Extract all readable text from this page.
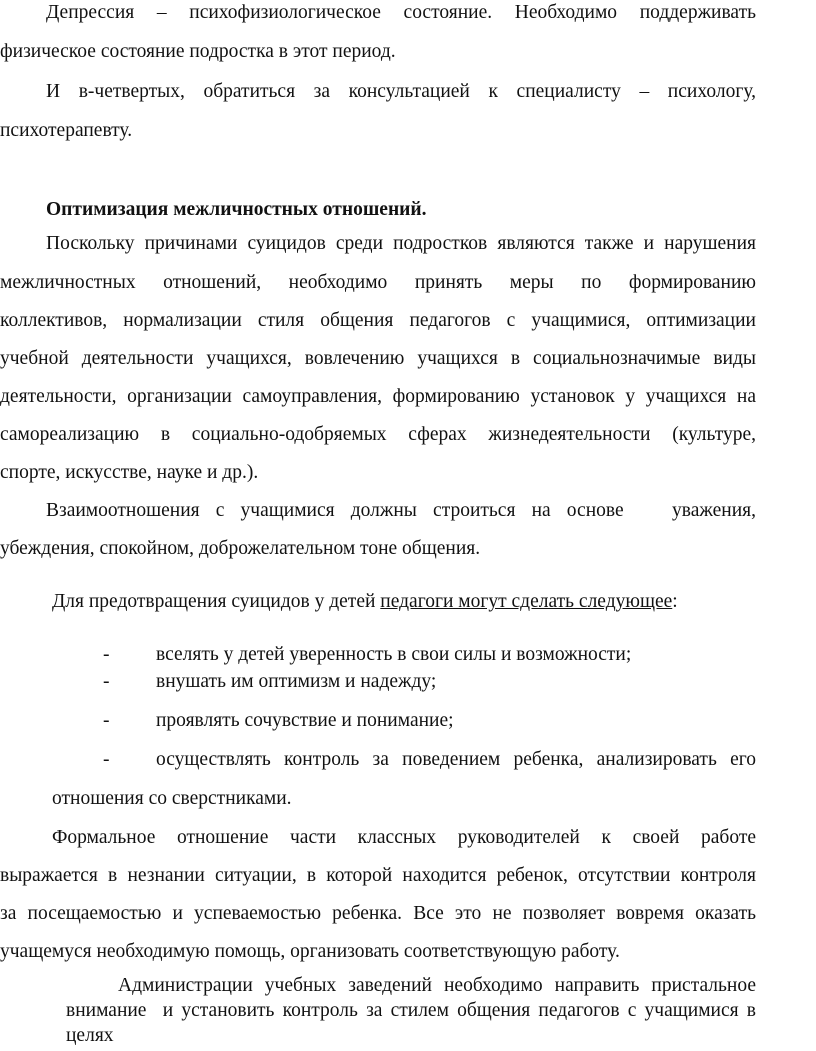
Депрессия – психофизиологическое состояние. Необходимо поддерживать
физическое состояние подростка в этот период.
И в-четвертых, обратиться за консультацией к специалисту – психологу,
психотерапевту.
Оптимизация межличностных отношений.
Поскольку причинами суицидов среди подростков являются также и нарушения
межличностных отношений, необходимо принять меры по формированию
коллективов, нормализации стиля общения педагогов с учащимися, оптимизации
учебной деятельности учащихся, вовлечению учащихся в социальнозначимые виды
деятельности, организации самоуправления, формированию установок у учащихся на
самореализацию в социально-одобряемых сферах жизнедеятельности (культуре,
спорте, искусстве, науке и др.).
Взаимоотношения с учащимися должны строиться на основе   уважения,
убеждения, спокойном, доброжелательном тоне общения.
Для предотвращения суицидов у детей педагоги могут сделать следующее:
- вселять у детей уверенность в свои силы и возможности;
- внушать им оптимизм и надежду;
- проявлять сочувствие и понимание;
- осуществлять контроль за поведением ребенка, анализировать его
отношения со сверстниками.
Формальное отношение части классных руководителей к своей работе
выражается в незнании ситуации, в которой находится ребенок, отсутствии контроля
за посещаемостью и успеваемостью ребенка. Все это не позволяет вовремя оказать
учащемуся необходимую помощь, организовать соответствующую работу.
Администрации учебных заведений необходимо направить пристальное
внимание  и установить контроль за стилем общения педагогов с учащимися в
целях
